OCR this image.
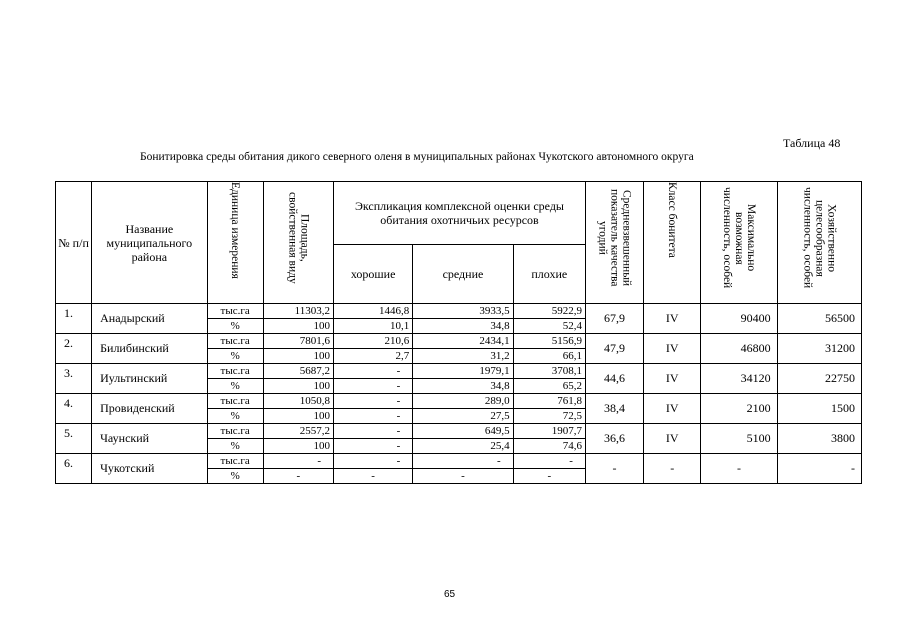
Таблица 48
Бонитировка среды обитания дикого северного оленя в муниципальных районах Чукотского автономного округа
№ п/п	Название муниципального района	Единица измерения	Площадь, свойственная виду	Экспликация комплексной оценки среды обитания охотничьих ресурсов			Средневзвешенный показатель качества угодий	Класс бонитета	Максимально возможная численность, особей	Хозяйственно целесообразная численность, особей
				хорошие	средние	плохие				
1.	Анадырский	тыс.га	11303,2	1446,8	3933,5	5922,9	67,9	IV	90400	56500
		%	100	10,1	34,8	52,4				
2.	Билибинский	тыс.га	7801,6	210,6	2434,1	5156,9	47,9	IV	46800	31200
		%	100	2,7	31,2	66,1				
3.	Иультинский	тыс.га	5687,2	-	1979,1	3708,1	44,6	IV	34120	22750
		%	100	-	34,8	65,2				
4.	Провиденский	тыс.га	1050,8	-	289,0	761,8	38,4	IV	2100	1500
		%	100	-	27,5	72,5				
5.	Чаунский	тыс.га	2557,2	-	649,5	1907,7	36,6	IV	5100	3800
		%	100	-	25,4	74,6				
6.	Чукотский	тыс.га	-	-	-	-	-	-	-	-
		%	-	-	-	-				
65
